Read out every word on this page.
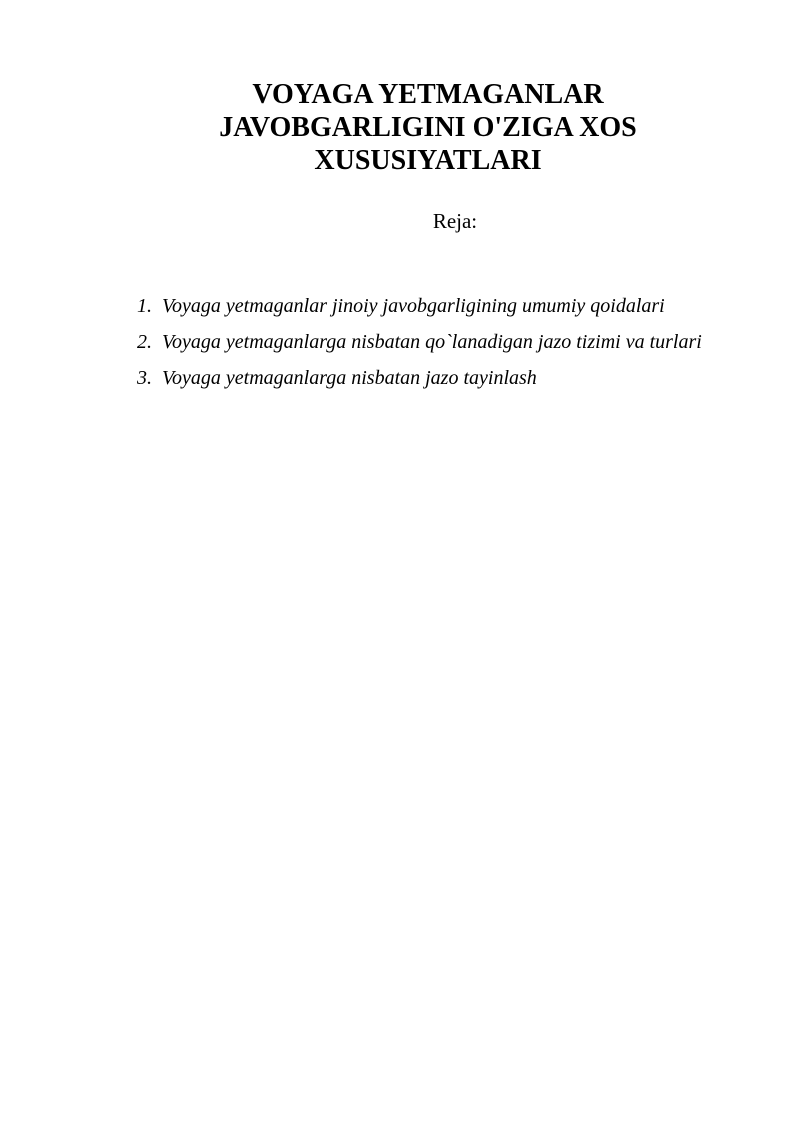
VOYAGA YETMAGANLAR
JAVOBGARLIGINI O'ZIGA XOS
XUSUSIYATLARI
Reja:
1. Voyaga yetmaganlar jinoiy javobgarligining umumiy qoidalari
2. Voyaga yetmaganlarga nisbatan qo`lanadigan jazo tizimi va turlari
3. Voyaga yetmaganlarga nisbatan jazo tayinlash
